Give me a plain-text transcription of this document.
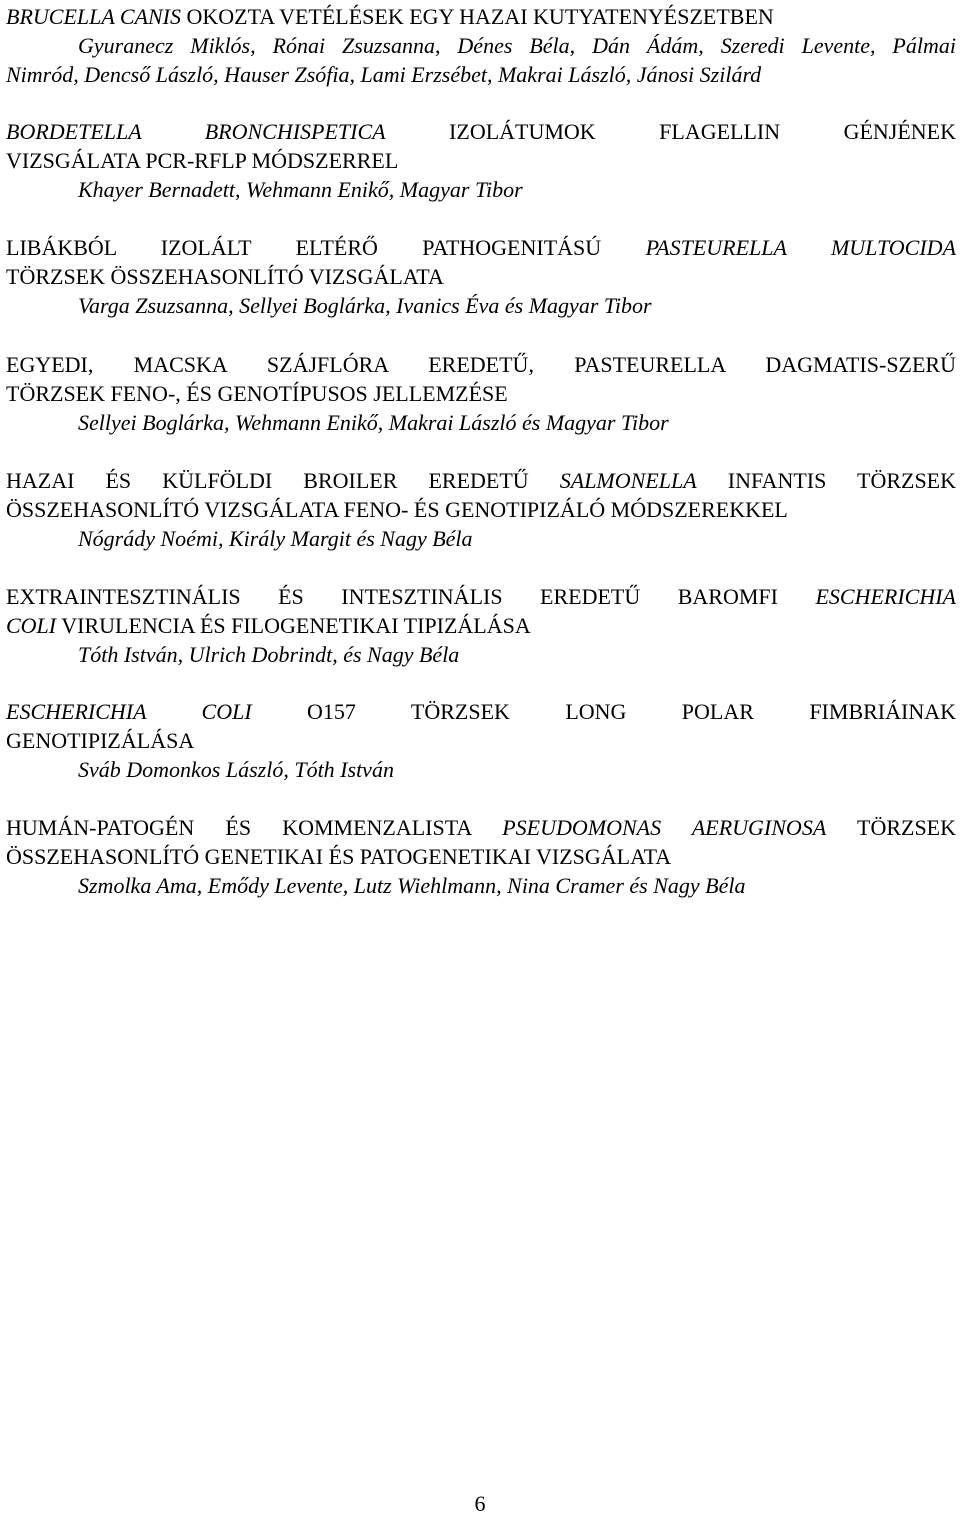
BRUCELLA CANIS OKOZTA VETÉLÉSEK EGY HAZAI KUTYATENYÉSZETBEN
Gyuranecz Miklós, Rónai Zsuzsanna, Dénes Béla, Dán Ádám, Szeredi Levente, Pálmai
Nimród, Dencső László, Hauser Zsófia, Lami Erzsébet, Makrai László, Jánosi Szilárd
BORDETELLA BRONCHISPETICA IZOLÁTUMOK FLAGELLIN GÉNJÉNEK
VIZSGÁLATA PCR-RFLP MÓDSZERREL
Khayer Bernadett, Wehmann Enikő, Magyar Tibor
LIBÁKBÓL IZOLÁLT ELTÉRŐ PATHOGENITÁSÚ PASTEURELLA MULTOCIDA
TÖRZSEK ÖSSZEHASONLÍTÓ VIZSGÁLATA
Varga Zsuzsanna, Sellyei Boglárka, Ivanics Éva és Magyar Tibor
EGYEDI, MACSKA SZÁJFLÓRA EREDETŰ, PASTEURELLA DAGMATIS-SZERŰ
TÖRZSEK FENO-, ÉS GENOTÍPUSOS JELLEMZÉSE
Sellyei Boglárka, Wehmann Enikő, Makrai László és Magyar Tibor
HAZAI ÉS KÜLFÖLDI BROILER EREDETŰ SALMONELLA INFANTIS TÖRZSEK
ÖSSZEHASONLÍTÓ VIZSGÁLATA FENO- ÉS GENOTIPIZÁLÓ MÓDSZEREKKEL
Nógrády Noémi, Király Margit és Nagy Béla
EXTRAINTESZTINÁLIS ÉS INTESZTINÁLIS EREDETŰ BAROMFI ESCHERICHIA
COLI VIRULENCIA ÉS FILOGENETIKAI TIPIZÁLÁSA
Tóth István, Ulrich Dobrindt, és Nagy Béla
ESCHERICHIA COLI O157 TÖRZSEK LONG POLAR FIMBRIÁINAK
GENOTIPIZÁLÁSA
Sváb Domonkos László, Tóth István
HUMÁN-PATOGÉN ÉS KOMMENZALISTA PSEUDOMONAS AERUGINOSA TÖRZSEK
ÖSSZEHASONLÍTÓ GENETIKAI ÉS PATOGENETIKAI VIZSGÁLATA
Szmolka Ama, Emődy Levente, Lutz Wiehlmann, Nina Cramer és Nagy Béla
6
